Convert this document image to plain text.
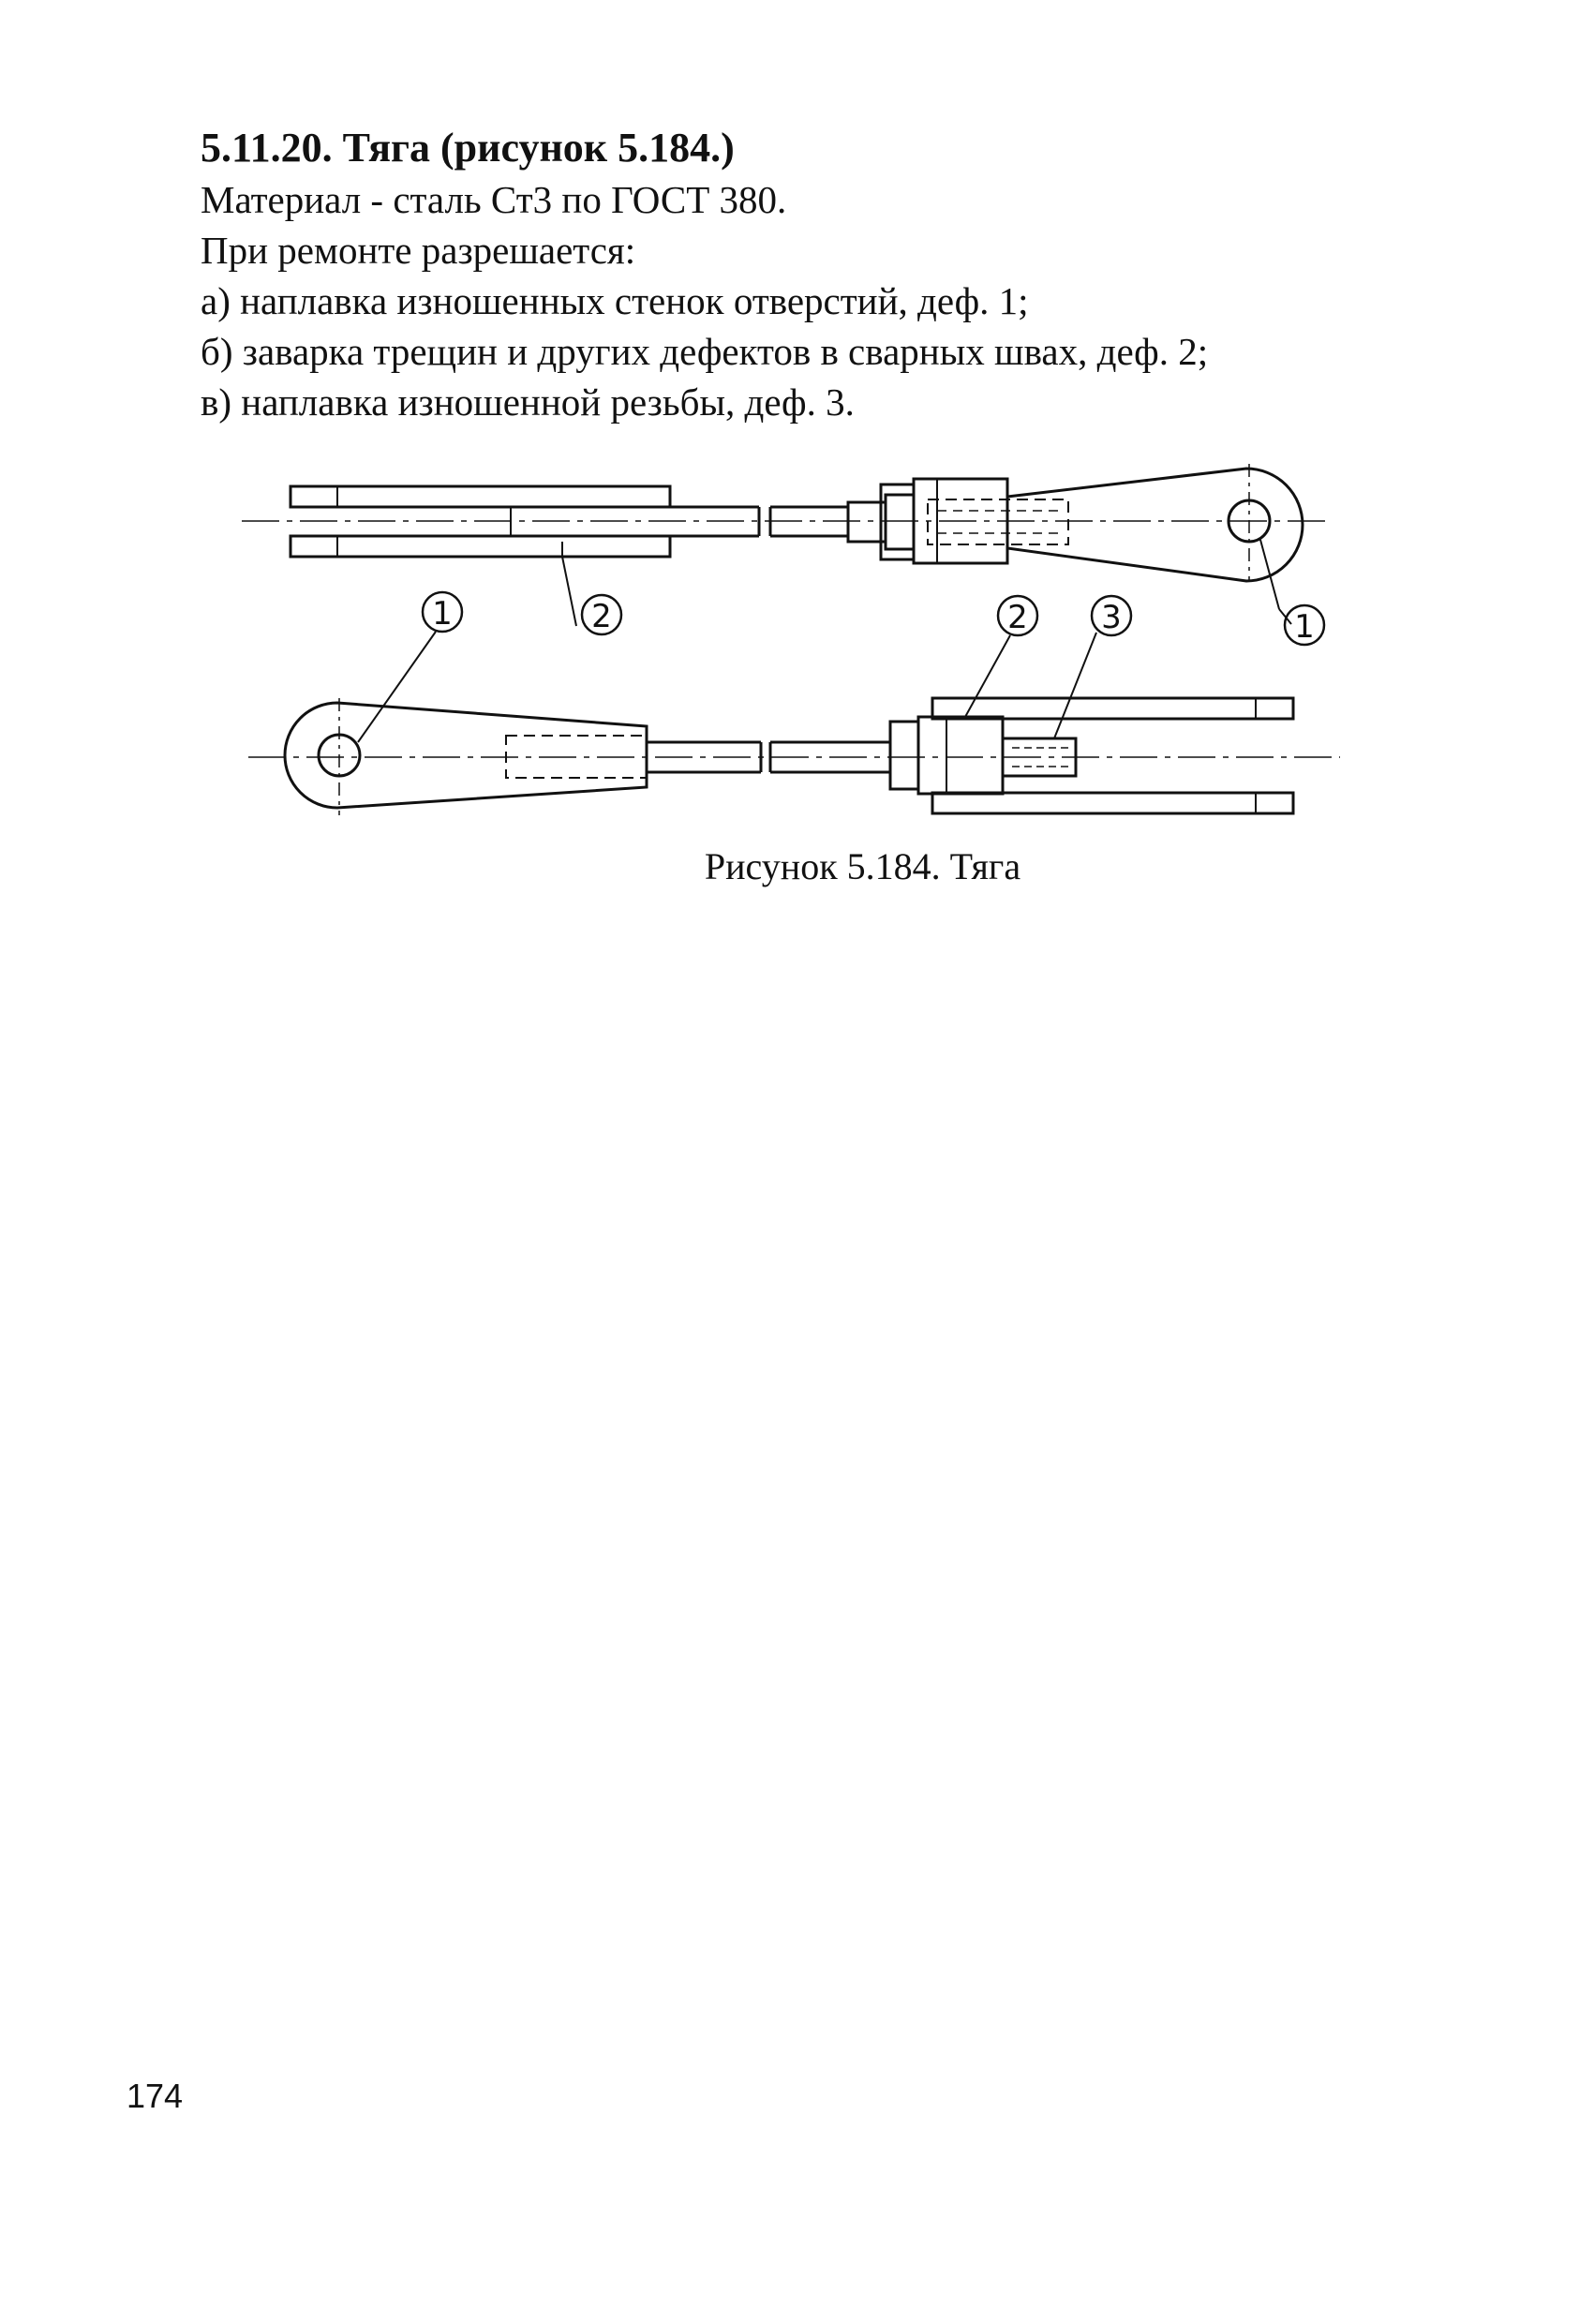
5.11.20. Тяга (рисунок 5.184.)

Материал - сталь Ст3 по ГОСТ 380.

При ремонте разрешается:

а) наплавка изношенных стенок отверстий, деф. 1;

б) заварка трещин и других дефектов в сварных швах, деф. 2;

в) наплавка изношенной резьбы, деф. 3.

1	2	2 3	1
Рисунок 5.184. Тяга
174
